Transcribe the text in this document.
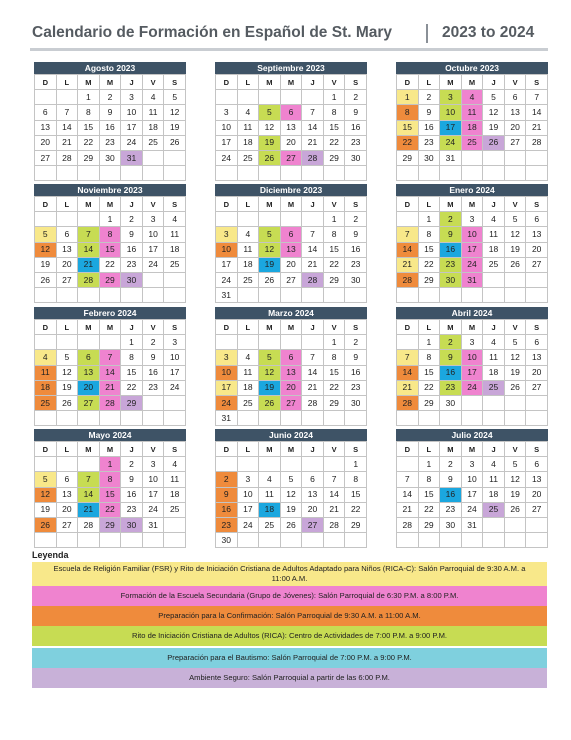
Calendario de Formación en Español de St. Mary	2023 to 2024
Agosto 2023
D	L	M	M	J	V	S
		1	2	3	4	5
6	7	8	9	10	11	12
13	14	15	16	17	18	19
20	21	22	23	24	25	26
27	28	29	30	31		

Septiembre 2023
D	L	M	M	J	V	S
					1	2
3	4	5	6	7	8	9
10	11	12	13	14	15	16
17	18	19	20	21	22	23
24	25	26	27	28	29	30

Octubre 2023
D	L	M	M	J	V	S
1	2	3	4	5	6	7
8	9	10	11	12	13	14
15	16	17	18	19	20	21
22	23	24	25	26	27	28
29	30	31				

Noviembre 2023
D	L	M	M	J	V	S
			1	2	3	4
5	6	7	8	9	10	11
12	13	14	15	16	17	18
19	20	21	22	23	24	25
26	27	28	29	30		

Diciembre 2023
D	L	M	M	J	V	S
					1	2
3	4	5	6	7	8	9
10	11	12	13	14	15	16
17	18	19	20	21	22	23
24	25	26	27	28	29	30
31						
Enero 2024
D	L	M	M	J	V	S
	1	2	3	4	5	6
7	8	9	10	11	12	13
14	15	16	17	18	19	20
21	22	23	24	25	26	27
28	29	30	31			

Febrero 2024
D	L	M	M	J	V	S
				1	2	3
4	5	6	7	8	9	10
11	12	13	14	15	16	17
18	19	20	21	22	23	24
25	26	27	28	29		

Marzo 2024
D	L	M	M	J	V	S
					1	2
3	4	5	6	7	8	9
10	11	12	13	14	15	16
17	18	19	20	21	22	23
24	25	26	27	28	29	30
31						
Abril 2024
D	L	M	M	J	V	S
	1	2	3	4	5	6
7	8	9	10	11	12	13
14	15	16	17	18	19	20
21	22	23	24	25	26	27
28	29	30				

Mayo 2024
D	L	M	M	J	V	S
			1	2	3	4
5	6	7	8	9	10	11
12	13	14	15	16	17	18
19	20	21	22	23	24	25
26	27	28	29	30	31	

Junio 2024
D	L	M	M	J	V	S
						1
2	3	4	5	6	7	8
9	10	11	12	13	14	15
16	17	18	19	20	21	22
23	24	25	26	27	28	29
30						
Julio 2024
D	L	M	M	J	V	S
	1	2	3	4	5	6
7	8	9	10	11	12	13
14	15	16	17	18	19	20
21	22	23	24	25	26	27
28	29	30	31			

Leyenda
Escuela de Religión Familiar (FSR) y Rito de Iniciación Cristiana de Adultos Adaptado para Niños (RICA-C): Salón Parroquial de 9:30 A.M. a 11:00 A.M.
Formación de la Escuela Secundaria (Grupo de Jóvenes): Salón Parroquial de 6:30 P.M. a 8:00 P.M.
Preparación para la Confirmación: Salón Parroquial de 9:30 A.M. a 11:00 A.M.
Rito de Iniciación Cristiana de Adultos (RICA): Centro de Actividades de 7:00 P.M. a 9:00 P.M.
Preparación para el Bautismo: Salón Parroquial de 7:00 P.M. a 9:00 P.M.
Ambiente Seguro: Salón Parroquial a partir de las 6:00 P.M.
